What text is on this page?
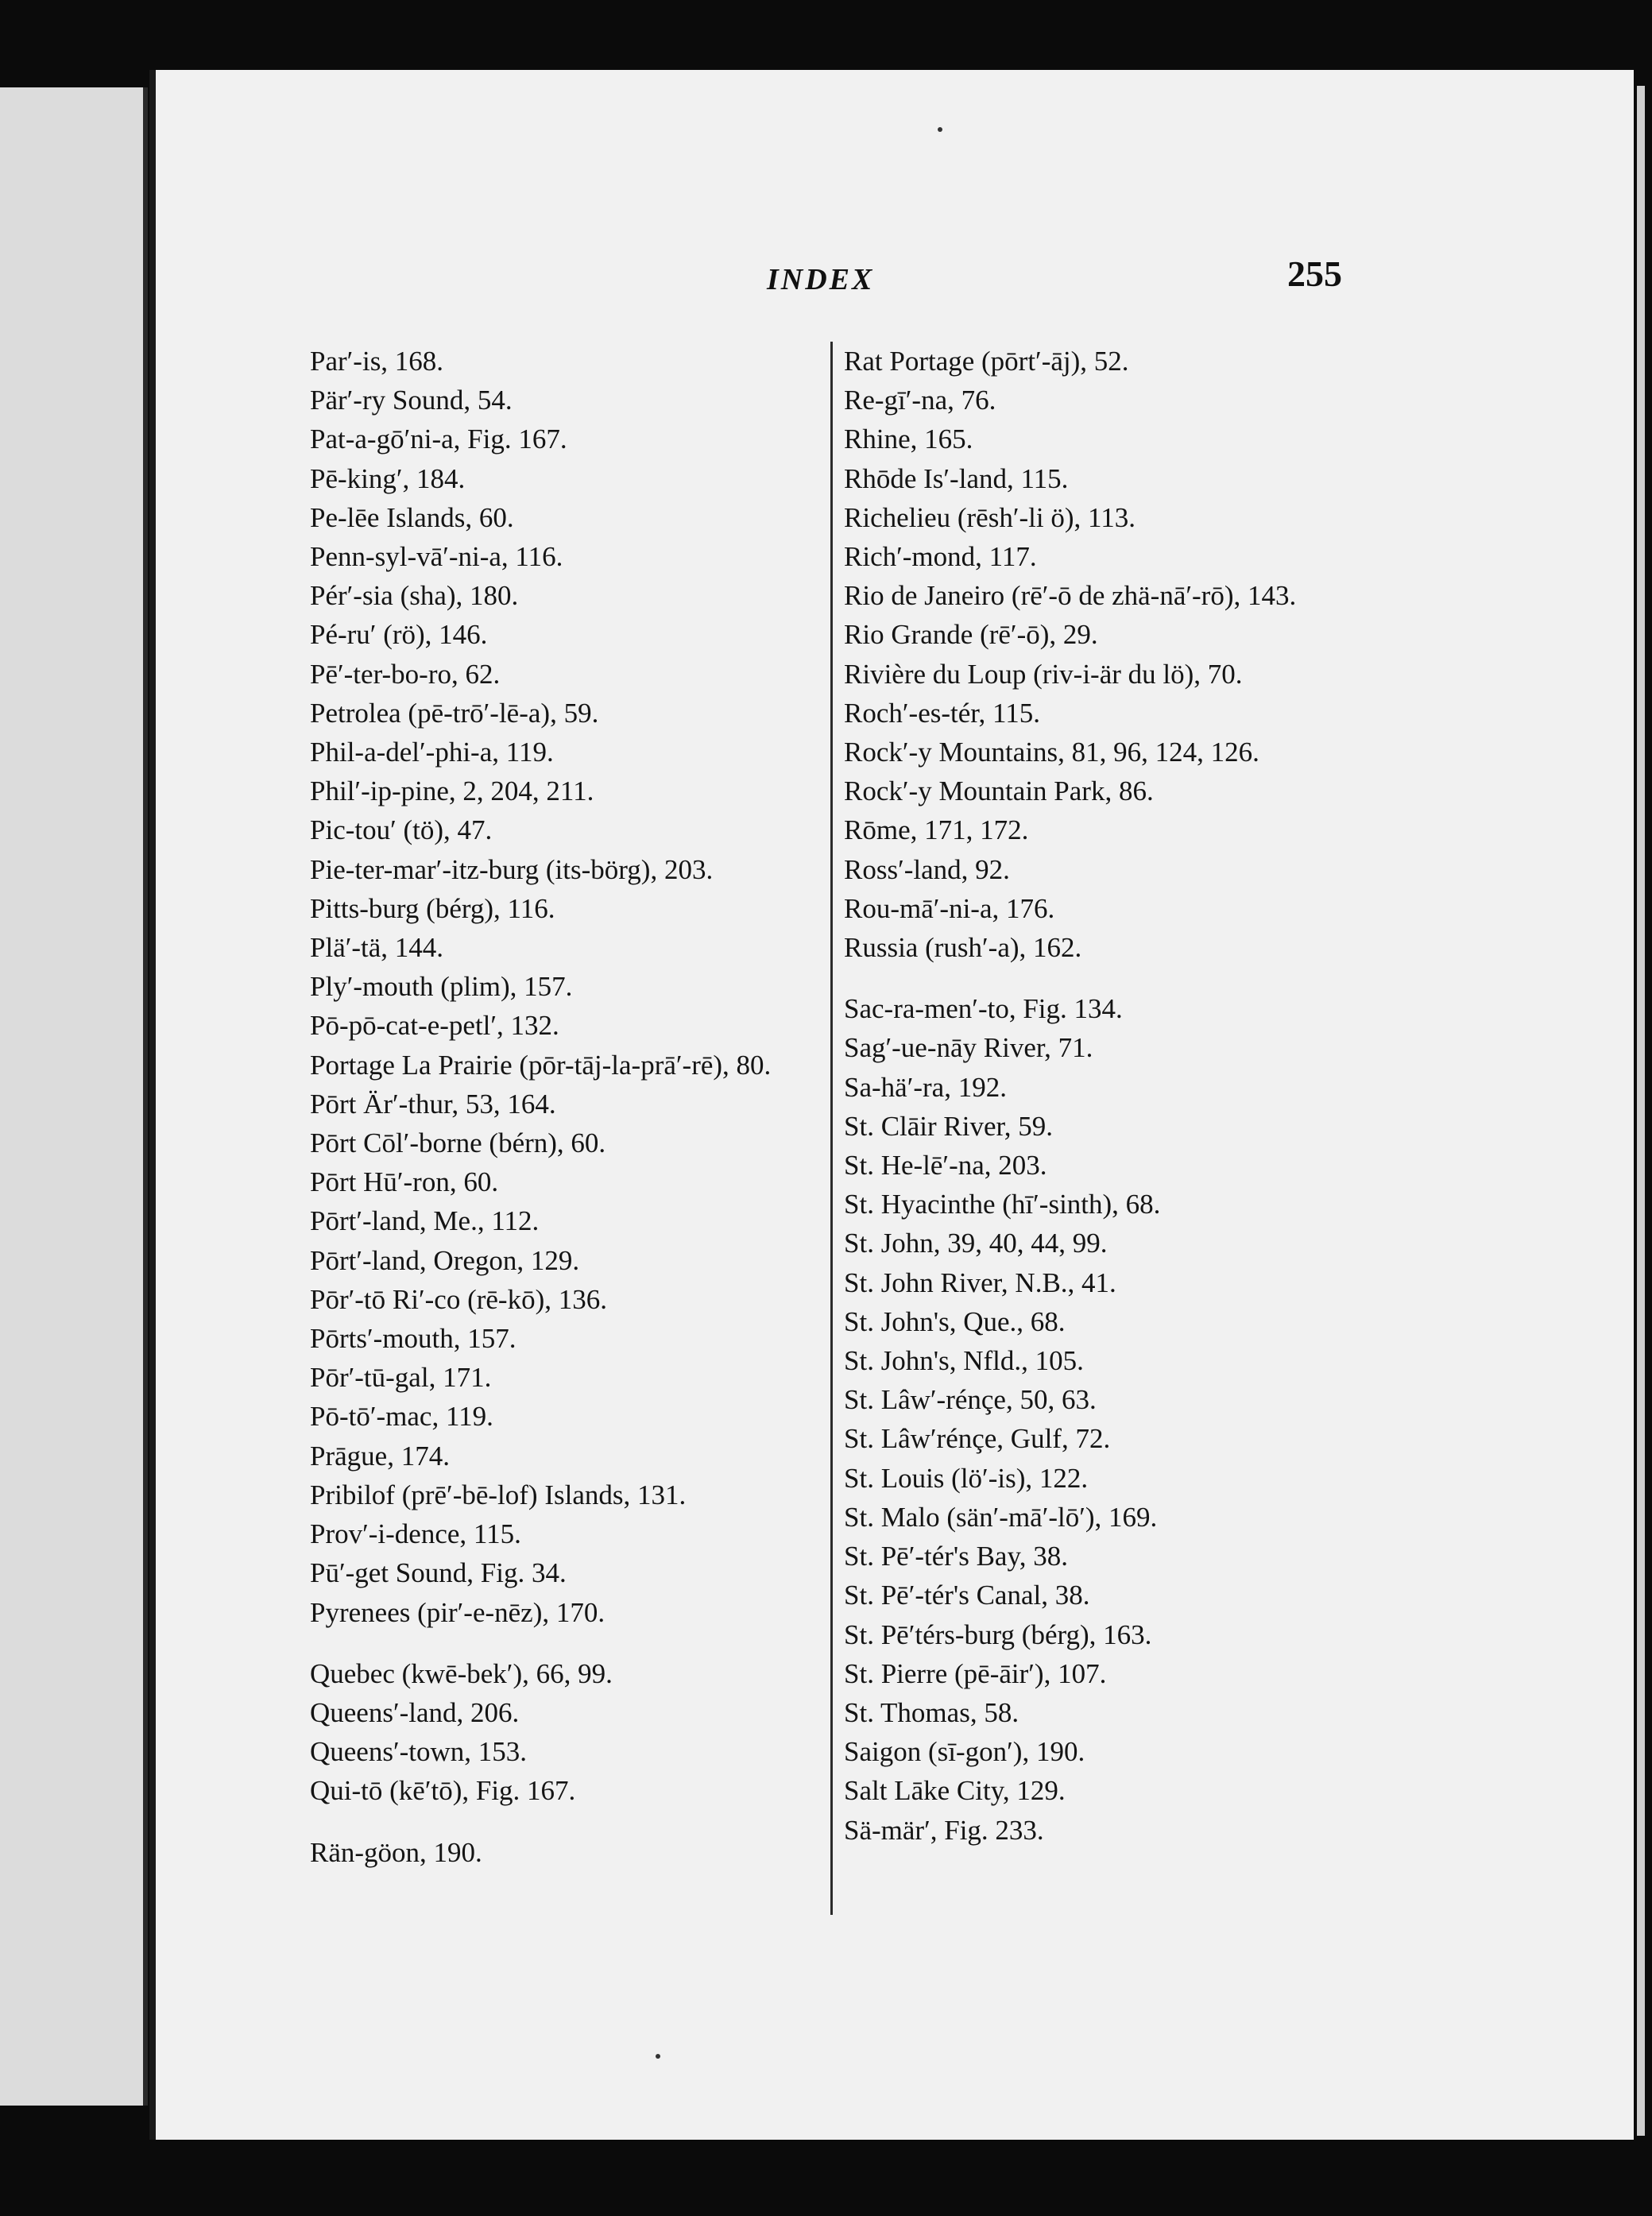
INDEX	255
Par′-is, 168.
Pär′-ry Sound, 54.
Pat-a-gō′ni-a, Fig. 167.
Pē-king′, 184.
Pe-lēe Islands, 60.
Penn-syl-vā′-ni-a, 116.
Pér′-sia (sha), 180.
Pé-ru′ (rö), 146.
Pē′-ter-bo-ro, 62.
Petrolea (pē-trō′-lē-a), 59.
Phil-a-del′-phi-a, 119.
Phil′-ip-pine, 2, 204, 211.
Pic-tou′ (tö), 47.
Pie-ter-mar′-itz-burg (its-börg), 203.
Pitts-burg (bérg), 116.
Plä′-tä, 144.
Ply′-mouth (plim), 157.
Pō-pō-cat-e-petl′, 132.
Portage La Prairie (pōr-tāj-la-prā′-rē), 80.
Pōrt Är′-thur, 53, 164.
Pōrt Cōl′-borne (bérn), 60.
Pōrt Hū′-ron, 60.
Pōrt′-land, Me., 112.
Pōrt′-land, Oregon, 129.
Pōr′-tō Ri′-co (rē-kō), 136.
Pōrts′-mouth, 157.
Pōr′-tū-gal, 171.
Pō-tō′-mac, 119.
Prāgue, 174.
Pribilof (prē′-bē-lof) Islands, 131.
Prov′-i-dence, 115.
Pū′-get Sound, Fig. 34.
Pyrenees (pir′-e-nēz), 170.
Quebec (kwē-bek′), 66, 99.
Queens′-land, 206.
Queens′-town, 153.
Qui-tō (kē′tō), Fig. 167.
Rän-göon, 190.
Rat Portage (pōrt′-āj), 52.
Re-gī′-na, 76.
Rhine, 165.
Rhōde Is′-land, 115.
Richelieu (rēsh′-li ö), 113.
Rich′-mond, 117.
Rio de Janeiro (rē′-ō de zhä-nā′-rō), 143.
Rio Grande (rē′-ō), 29.
Rivière du Loup (riv-i-är du lö), 70.
Roch′-es-tér, 115.
Rock′-y Mountains, 81, 96, 124, 126.
Rock′-y Mountain Park, 86.
Rōme, 171, 172.
Ross′-land, 92.
Rou-mā′-ni-a, 176.
Russia (rush′-a), 162.
Sac-ra-men′-to, Fig. 134.
Sag′-ue-nāy River, 71.
Sa-hä′-ra, 192.
St. Clāir River, 59.
St. He-lē′-na, 203.
St. Hyacinthe (hī′-sinth), 68.
St. John, 39, 40, 44, 99.
St. John River, N.B., 41.
St. John's, Que., 68.
St. John's, Nfld., 105.
St. Lâw′-rénçe, 50, 63.
St. Lâw′rénçe, Gulf, 72.
St. Louis (lö′-is), 122.
St. Malo (sän′-mā′-lō′), 169.
St. Pē′-tér's Bay, 38.
St. Pē′-tér's Canal, 38.
St. Pē′térs-burg (bérg), 163.
St. Pierre (pē-āir′), 107.
St. Thomas, 58.
Saigon (sī-gon′), 190.
Salt Lāke City, 129.
Sä-mär′, Fig. 233.
